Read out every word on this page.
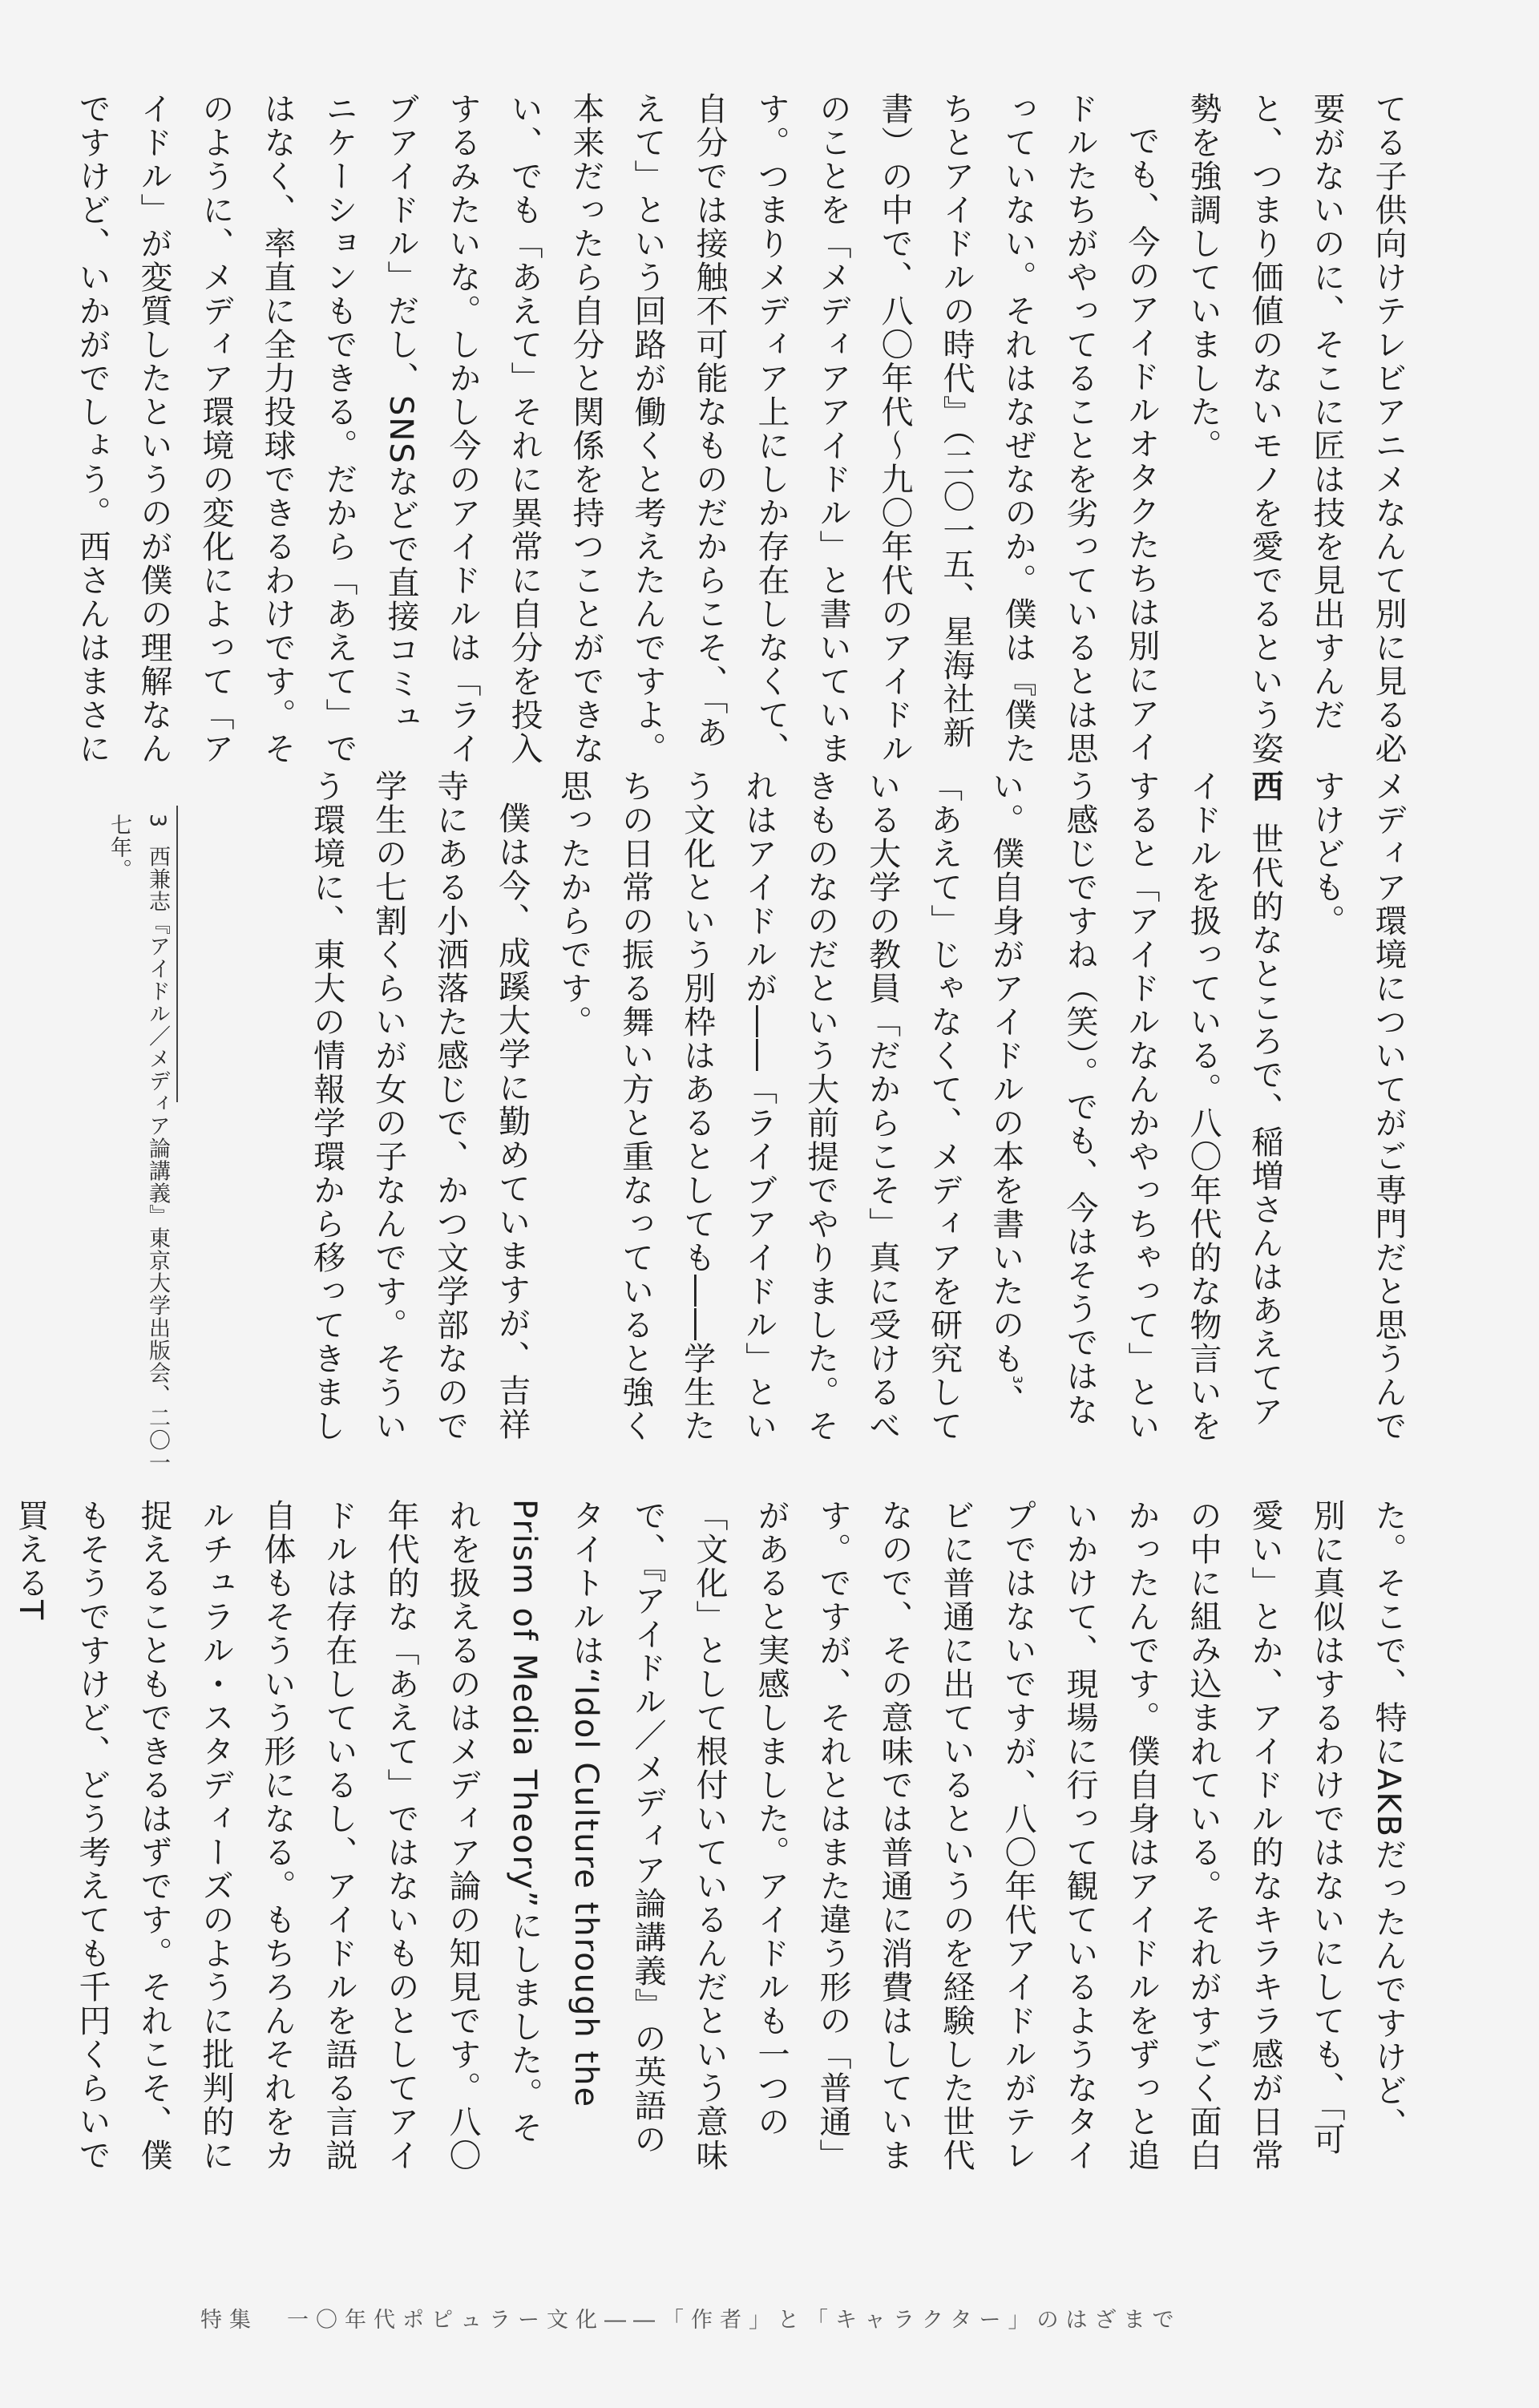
てる子供向けテレビアニメなんて別に見る必要がないのに、そこに匠は技を見出すんだと、つまり価値のないモノを愛でるという姿勢を強調していました。

でも、今のアイドルオタクたちは別にアイドルたちがやってることを劣っているとは思っていない。それはなぜなのか。僕は『僕たちとアイドルの時代』（二〇一五、星海社新書）の中で、八〇年代～九〇年代のアイドルのことを「メディアアイドル」と書いています。つまりメディア上にしか存在しなくて、自分では接触不可能なものだからこそ、「あえて」という回路が働くと考えたんですよ。本来だったら自分と関係を持つことができない、でも「あえて」それに異常に自分を投入するみたいな。しかし今のアイドルは「ライブアイドル」だし、SNSなどで直接コミュニケーションもできる。だから「あえて」ではなく、率直に全力投球できるわけです。そのように、メディア環境の変化によって「アイドル」が変質したというのが僕の理解なんですけど、いかがでしょう。西さんはまさに

メディア環境についてがご専門だと思うんですけども。

西世代的なところで、稲増さんはあえてアイドルを扱っている。八〇年代的な物言いをすると「アイドルなんかやっちゃって」という感じですね（笑）。でも、今はそうではない。僕自身がアイドルの本を書いたのも$^3$、「あえて」じゃなくて、メディアを研究している大学の教員「だからこそ」真に受けるべきものなのだという大前提でやりました。それはアイドルが――「ライブアイドル」という文化という別枠はあるとしても――学生たちの日常の振る舞い方と重なっていると強く思ったからです。

僕は今、成蹊大学に勤めていますが、吉祥寺にある小洒落た感じで、かつ文学部なので学生の七割くらいが女の子なんです。そういう環境に、東大の情報学環から移ってきまし

3西兼志『アイドル／メディア論講義』東京大学出版会、二〇一七年。

た。そこで、特にAKBだったんですけど、別に真似はするわけではないにしても、「可愛い」とか、アイドル的なキラキラ感が日常の中に組み込まれている。それがすごく面白かったんです。僕自身はアイドルをずっと追いかけて、現場に行って観ているようなタイプではないですが、八〇年代アイドルがテレビに普通に出ているというのを経験した世代なので、その意味では普通に消費はしています。ですが、それとはまた違う形の「普通」があると実感しました。アイドルも一つの「文化」として根付いているんだという意味で、『アイドル／メディア論講義』の英語のタイトルは“Idol Culture through the Prism of Media Theory”にしました。それを扱えるのはメディア論の知見です。八〇年代的な「あえて」ではないものとしてアイドルは存在しているし、アイドルを語る言説自体もそういう形になる。もちろんそれをカルチュラル・スタディーズのように批判的に捉えることもできるはずです。それこそ、僕もそうですけど、どう考えても千円くらいで買えるT

特集　一〇年代ポピュラー文化――「作者」と「キャラクター」のはざまで
